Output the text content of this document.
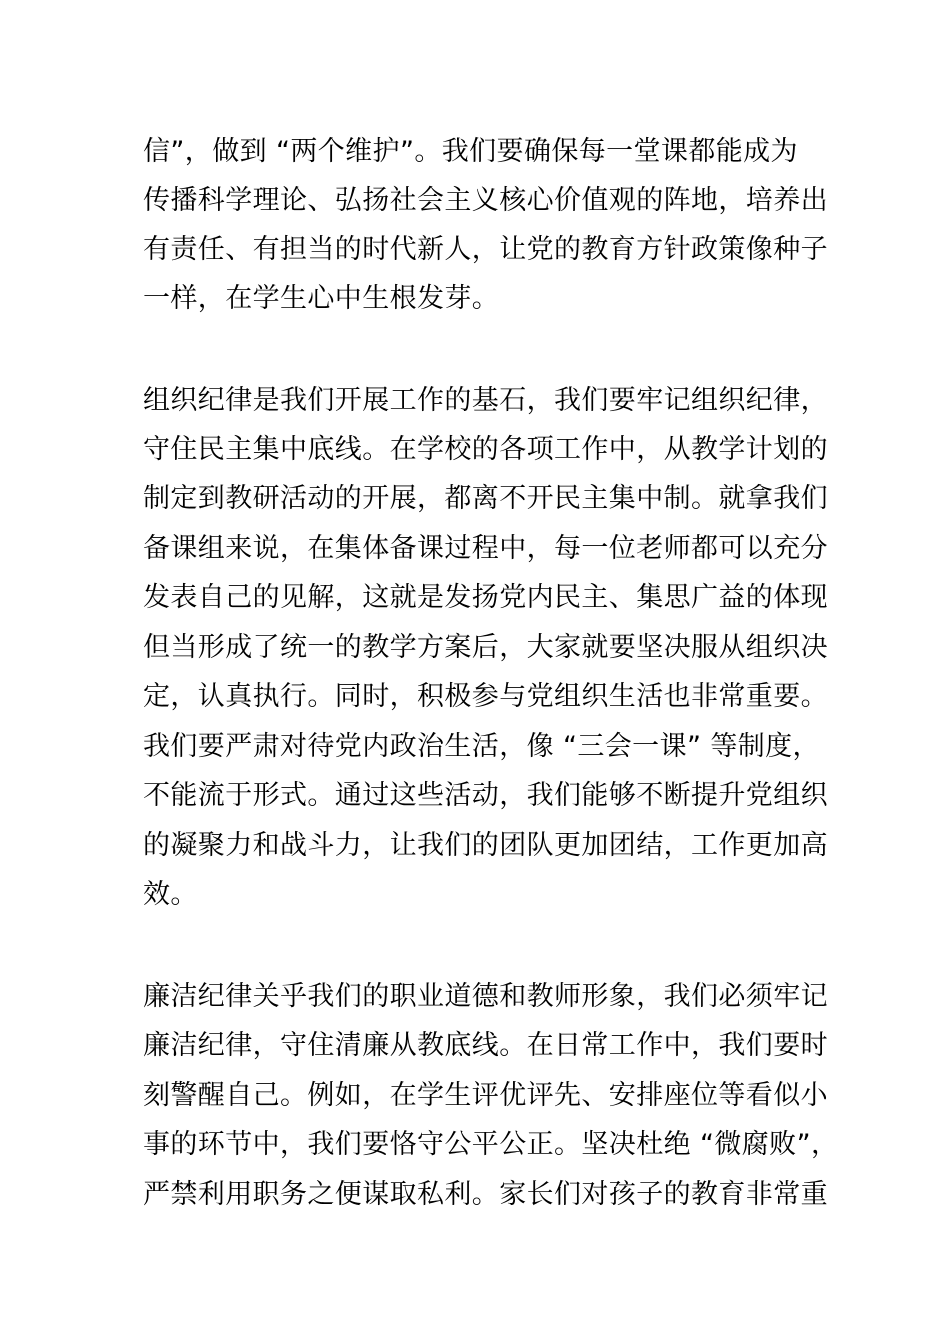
信”，做到 “两个维护”。我们要确保每一堂课都能成为
传播科学理论、弘扬社会主义核心价值观的阵地，培养出
有责任、有担当的时代新人，让党的教育方针政策像种子
一样，在学生心中生根发芽。
组织纪律是我们开展工作的基石，我们要牢记组织纪律，
守住民主集中底线。在学校的各项工作中，从教学计划的
制定到教研活动的开展，都离不开民主集中制。就拿我们
备课组来说，在集体备课过程中，每一位老师都可以充分
发表自己的见解，这就是发扬党内民主、集思广益的体现
但当形成了统一的教学方案后，大家就要坚决服从组织决
定，认真执行。同时，积极参与党组织生活也非常重要。
我们要严肃对待党内政治生活，像 “三会一课” 等制度，
不能流于形式。通过这些活动，我们能够不断提升党组织
的凝聚力和战斗力，让我们的团队更加团结，工作更加高
效。
廉洁纪律关乎我们的职业道德和教师形象，我们必须牢记
廉洁纪律，守住清廉从教底线。在日常工作中，我们要时
刻警醒自己。例如，在学生评优评先、安排座位等看似小
事的环节中，我们要恪守公平公正。坚决杜绝 “微腐败”，
严禁利用职务之便谋取私利。家长们对孩子的教育非常重
